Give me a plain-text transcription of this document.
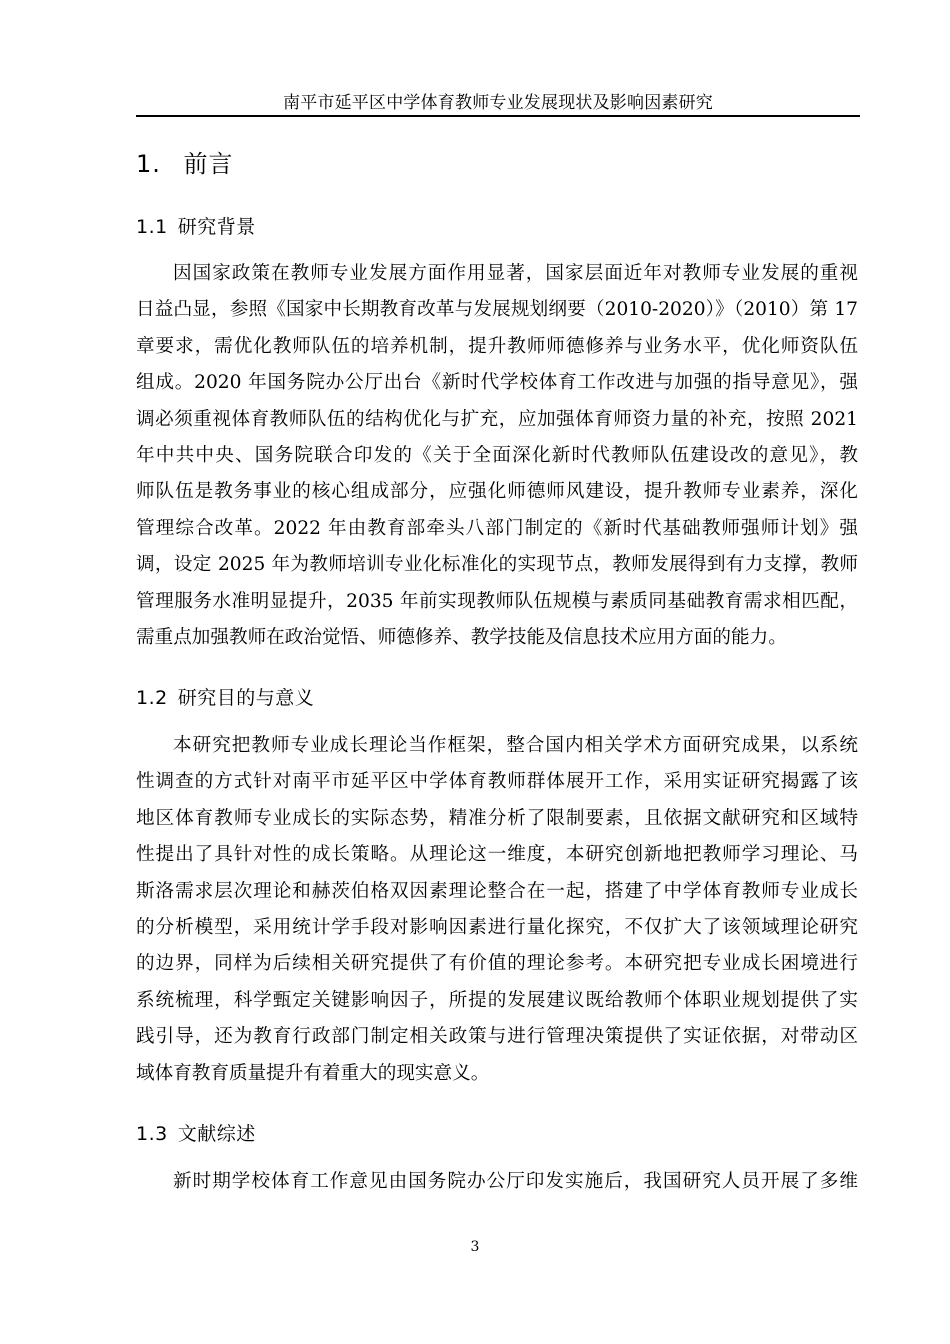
南平市延平区中学体育教师专业发展现状及影响因素研究
1. 前言
1.1 研究背景
因国家政策在教师专业发展方面作用显著，国家层面近年对教师专业发展的重视
日益凸显，参照《国家中长期教育改革与发展规划纲要（2010-2020）》（2010）第 17
章要求，需优化教师队伍的培养机制，提升教师师德修养与业务水平，优化师资队伍
组成。2020 年国务院办公厅出台《新时代学校体育工作改进与加强的指导意见》，强
调必须重视体育教师队伍的结构优化与扩充，应加强体育师资力量的补充，按照 2021
年中共中央、国务院联合印发的《关于全面深化新时代教师队伍建设改的意见》，教
师队伍是教务事业的核心组成部分，应强化师德师风建设，提升教师专业素养，深化
管理综合改革。2022 年由教育部牵头八部门制定的《新时代基础教师强师计划》强
调，设定 2025 年为教师培训专业化标准化的实现节点，教师发展得到有力支撑，教师
管理服务水准明显提升，2035 年前实现教师队伍规模与素质同基础教育需求相匹配，
需重点加强教师在政治觉悟、师德修养、教学技能及信息技术应用方面的能力。
1.2 研究目的与意义
本研究把教师专业成长理论当作框架，整合国内相关学术方面研究成果，以系统
性调查的方式针对南平市延平区中学体育教师群体展开工作，采用实证研究揭露了该
地区体育教师专业成长的实际态势，精准分析了限制要素，且依据文献研究和区域特
性提出了具针对性的成长策略。从理论这一维度，本研究创新地把教师学习理论、马
斯洛需求层次理论和赫茨伯格双因素理论整合在一起，搭建了中学体育教师专业成长
的分析模型，采用统计学手段对影响因素进行量化探究，不仅扩大了该领域理论研究
的边界，同样为后续相关研究提供了有价值的理论参考。本研究把专业成长困境进行
系统梳理，科学甄定关键影响因子，所提的发展建议既给教师个体职业规划提供了实
践引导，还为教育行政部门制定相关政策与进行管理决策提供了实证依据，对带动区
域体育教育质量提升有着重大的现实意义。
1.3 文献综述
新时期学校体育工作意见由国务院办公厅印发实施后，我国研究人员开展了多维
3
